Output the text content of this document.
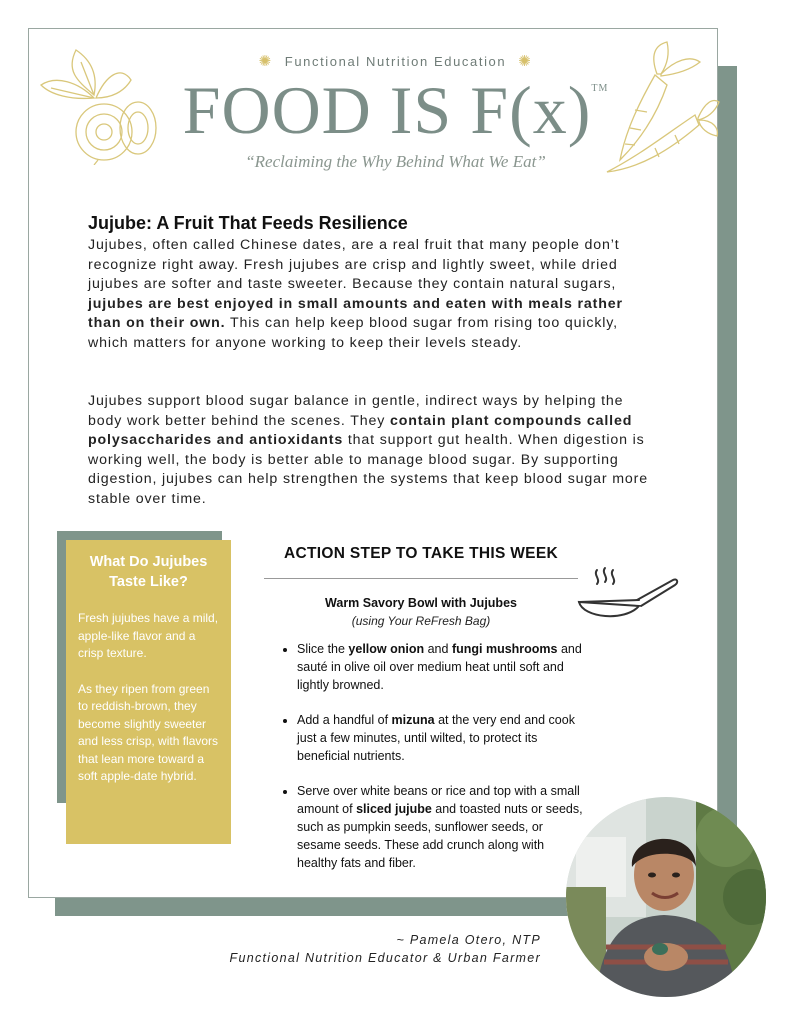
✺ Functional Nutrition Education ✺
FOOD IS F(x)™
“Reclaiming the Why Behind What We Eat”
Jujube: A Fruit That Feeds Resilience

Jujubes, often called Chinese dates, are a real fruit that many people don’t recognize right away. Fresh jujubes are crisp and lightly sweet, while dried jujubes are softer and taste sweeter. Because they contain natural sugars, jujubes are best enjoyed in small amounts and eaten with meals rather than on their own. This can help keep blood sugar from rising too quickly, which matters for anyone working to keep their levels steady.

Jujubes support blood sugar balance in gentle, indirect ways by helping the body work better behind the scenes. They contain plant compounds called polysaccharides and antioxidants that support gut health. When digestion is working well, the body is better able to manage blood sugar. By supporting digestion, jujubes can help strengthen the systems that keep blood sugar more stable over time.

What Do Jujubes Taste Like?

Fresh jujubes have a mild, apple-like flavor and a crisp texture.

As they ripen from green to reddish-brown, they become slightly sweeter and less crisp, with flavors that lean more toward a soft apple-date hybrid.

ACTION STEP TO TAKE THIS WEEK
Warm Savory Bowl with Jujubes
(using Your ReFresh Bag)
• Slice the yellow onion and fungi mushrooms and sauté in olive oil over medium heat until soft and lightly browned.
• Add a handful of mizuna at the very end and cook just a few minutes, until wilted, to protect its beneficial nutrients.
• Serve over white beans or rice and top with a small amount of sliced jujube and toasted nuts or seeds, such as pumpkin seeds, sunflower seeds, or sesame seeds. These add crunch along with healthy fats and fiber.
~ Pamela Otero, NTP
Functional Nutrition Educator & Urban Farmer
